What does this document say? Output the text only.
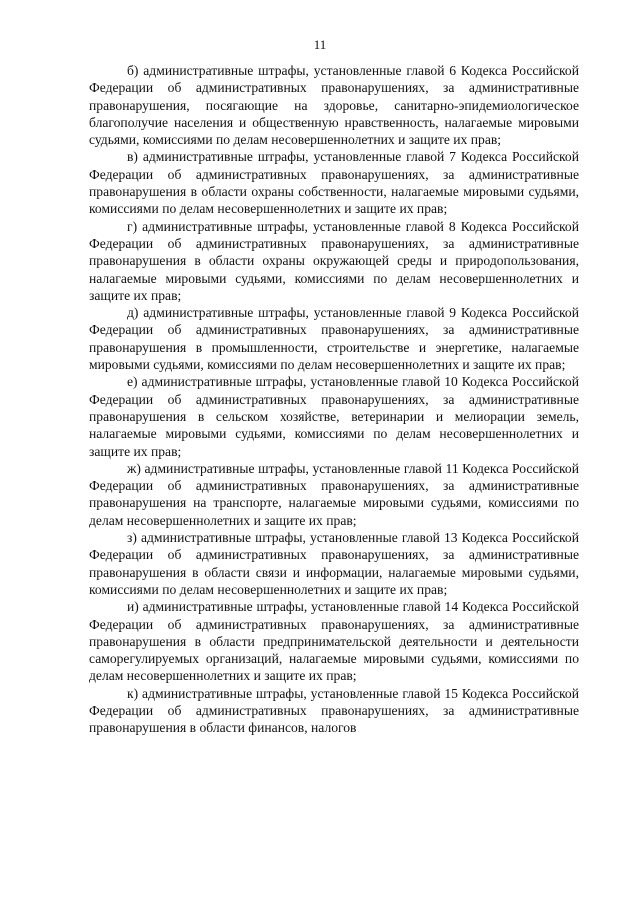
11

б) административные штрафы, установленные главой 6 Кодекса Российской Федерации об административных правонарушениях, за административные правонарушения, посягающие на здоровье, санитарно-эпидемиологическое благополучие населения и общественную нравственность, налагаемые мировыми судьями, комиссиями по делам несовершеннолетних и защите их прав;

в) административные штрафы, установленные главой 7 Кодекса Российской Федерации об административных правонарушениях, за административные правонарушения в области охраны собственности, налагаемые мировыми судьями, комиссиями по делам несовершеннолетних и защите их прав;

г) административные штрафы, установленные главой 8 Кодекса Российской Федерации об административных правонарушениях, за административные правонарушения в области охраны окружающей среды и природопользования, налагаемые мировыми судьями, комиссиями по делам несовершеннолетних и защите их прав;

д) административные штрафы, установленные главой 9 Кодекса Российской Федерации об административных правонарушениях, за административные правонарушения в промышленности, строительстве и энергетике, налагаемые мировыми судьями, комиссиями по делам несовершеннолетних и защите их прав;

е) административные штрафы, установленные главой 10 Кодекса Российской Федерации об административных правонарушениях, за административные правонарушения в сельском хозяйстве, ветеринарии и мелиорации земель, налагаемые мировыми судьями, комиссиями по делам несовершеннолетних и защите их прав;

ж) административные штрафы, установленные главой 11 Кодекса Российской Федерации об административных правонарушениях, за административные правонарушения на транспорте, налагаемые мировыми судьями, комиссиями по делам несовершеннолетних и защите их прав;

з) административные штрафы, установленные главой 13 Кодекса Российской Федерации об административных правонарушениях, за административные правонарушения в области связи и информации, налагаемые мировыми судьями, комиссиями по делам несовершеннолетних и защите их прав;

и) административные штрафы, установленные главой 14 Кодекса Российской Федерации об административных правонарушениях, за административные правонарушения в области предпринимательской деятельности и деятельности саморегулируемых организаций, налагаемые мировыми судьями, комиссиями по делам несовершеннолетних и защите их прав;

к) административные штрафы, установленные главой 15 Кодекса Российской Федерации об административных правонарушениях, за административные правонарушения в области финансов, налогов
